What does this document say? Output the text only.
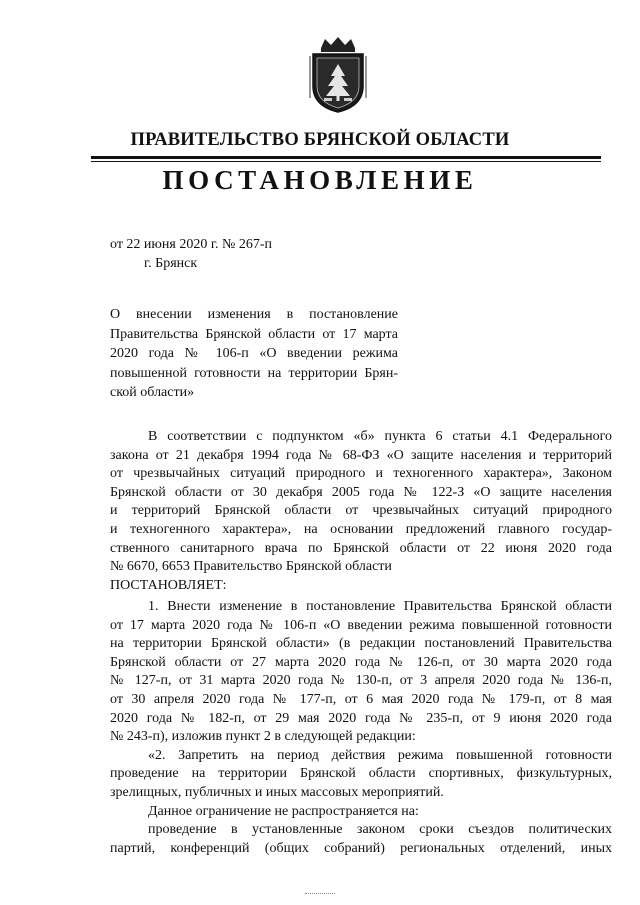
ПРАВИТЕЛЬСТВО БРЯНСКОЙ ОБЛАСТИ
ПОСТАНОВЛЕНИЕ
от 22 июня 2020 г. № 267-п
г. Брянск
О внесении изменения в постановление
Правительства Брянской области от 17 марта
2020 года № 106-п «О введении режима
повышенной готовности на территории Брян-
ской области»
В соответствии с подпунктом «б» пункта 6 статьи 4.1 Федерального
закона от 21 декабря 1994 года № 68-ФЗ «О защите населения и территорий
от чрезвычайных ситуаций природного и техногенного характера», Законом
Брянской области от 30 декабря 2005 года № 122-З «О защите населения
и территорий Брянской области от чрезвычайных ситуаций природного
и техногенного характера», на основании предложений главного государ-
ственного санитарного врача по Брянской области от 22 июня 2020 года
№ 6670, 6653 Правительство Брянской области
ПОСТАНОВЛЯЕТ:
1. Внести изменение в постановление Правительства Брянской области
от 17 марта 2020 года № 106-п «О введении режима повышенной готовности
на территории Брянской области» (в редакции постановлений Правительства
Брянской области от 27 марта 2020 года № 126-п, от 30 марта 2020 года
№ 127-п, от 31 марта 2020 года № 130-п, от 3 апреля 2020 года № 136-п,
от 30 апреля 2020 года № 177-п, от 6 мая 2020 года № 179-п, от 8 мая
2020 года № 182-п, от 29 мая 2020 года № 235-п, от 9 июня 2020 года
№ 243-п), изложив пункт 2 в следующей редакции:
«2. Запретить на период действия режима повышенной готовности
проведение на территории Брянской области спортивных, физкультурных,
зрелищных, публичных и иных массовых мероприятий.
Данное ограничение не распространяется на:
проведение в установленные законом сроки съездов политических
партий, конференций (общих собраний) региональных отделений, иных
